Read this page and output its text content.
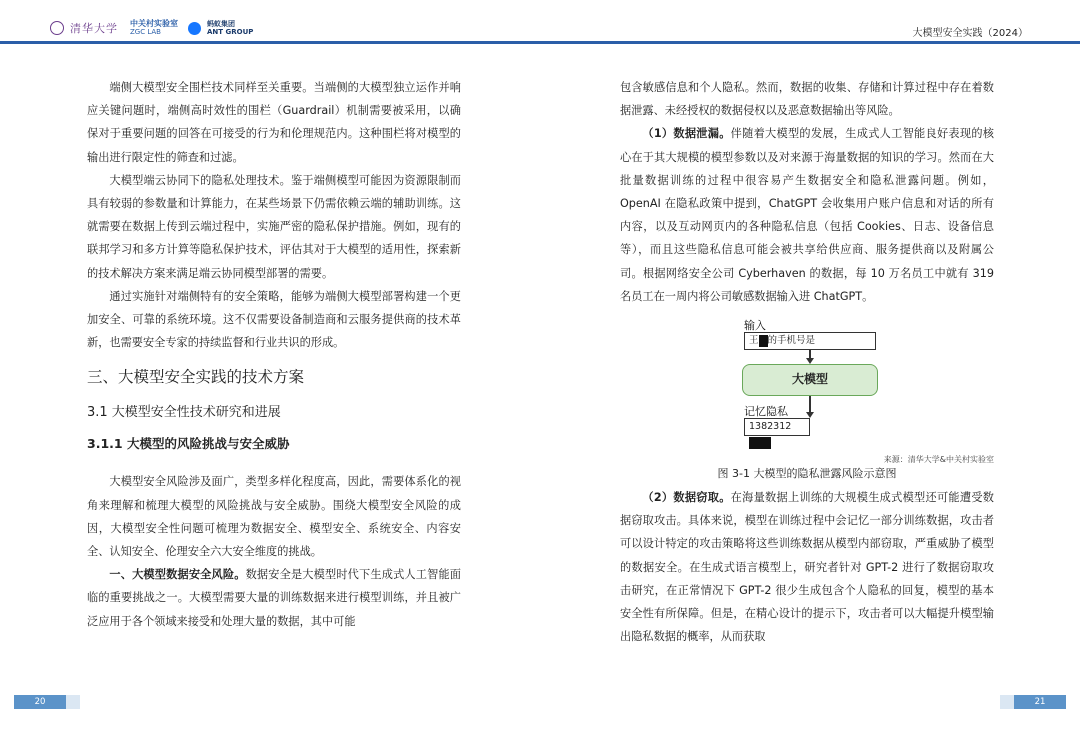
清华大学 中关村实验室
ZGC LAB
蚂蚁集团
ANT GROUP	大模型安全实践（2024）

端侧大模型安全围栏技术同样至关重要。当端侧的大模型独立运作并响应关键问题时，端侧高时效性的围栏（Guardrail）机制需要被采用，以确保对于重要问题的回答在可接受的行为和伦理规范内。这种围栏将对模型的输出进行限定性的筛查和过滤。

大模型端云协同下的隐私处理技术。鉴于端侧模型可能因为资源限制而具有较弱的参数量和计算能力，在某些场景下仍需依赖云端的辅助训练。这就需要在数据上传到云端过程中，实施严密的隐私保护措施。例如，现有的联邦学习和多方计算等隐私保护技术，评估其对于大模型的适用性，探索新的技术解决方案来满足端云协同模型部署的需要。

通过实施针对端侧特有的安全策略，能够为端侧大模型部署构建一个更加安全、可靠的系统环境。这不仅需要设备制造商和云服务提供商的技术革新，也需要安全专家的持续监督和行业共识的形成。

三、大模型安全实践的技术方案
3.1 大模型安全性技术研究和进展
3.1.1 大模型的风险挑战与安全威胁

大模型安全风险涉及面广，类型多样化程度高，因此，需要体系化的视角来理解和梳理大模型的风险挑战与安全威胁。围绕大模型安全风险的成因，大模型安全性问题可梳理为数据安全、模型安全、系统安全、内容安全、认知安全、伦理安全六大安全维度的挑战。

一、大模型数据安全风险。数据安全是大模型时代下生成式人工智能面临的重要挑战之一。大模型需要大量的训练数据来进行模型训练，并且被广泛应用于各个领域来接受和处理大量的数据，其中可能

包含敏感信息和个人隐私。然而，数据的收集、存储和计算过程中存在着数据泄露、未经授权的数据侵权以及恶意数据输出等风险。

（1）数据泄漏。伴随着大模型的发展，生成式人工智能良好表现的核心在于其大规模的模型参数以及对来源于海量数据的知识的学习。然而在大批量数据训练的过程中很容易产生数据安全和隐私泄露问题。例如，OpenAI 在隐私政策中提到，ChatGPT 会收集用户账户信息和对话的所有内容，以及互动网页内的各种隐私信息（包括 Cookies、日志、设备信息等），而且这些隐私信息可能会被共享给供应商、服务提供商以及附属公司。根据网络安全公司 Cyberhaven 的数据，每 10 万名员工中就有 319 名员工在一周内将公司敏感数据输入进 ChatGPT。

输入
王 的手机号是
大模型
记忆隐私
1382312
来源：清华大学&中关村实验室
图 3-1 大模型的隐私泄露风险示意图

（2）数据窃取。在海量数据上训练的大规模生成式模型还可能遭受数据窃取攻击。具体来说，模型在训练过程中会记忆一部分训练数据，攻击者可以设计特定的攻击策略将这些训练数据从模型内部窃取，严重威胁了模型的数据安全。在生成式语言模型上，研究者针对 GPT-2 进行了数据窃取攻击研究，在正常情况下 GPT-2 很少生成包含个人隐私的回复，模型的基本安全性有所保障。但是，在精心设计的提示下，攻击者可以大幅提升模型输出隐私数据的概率，从而获取

20	21
